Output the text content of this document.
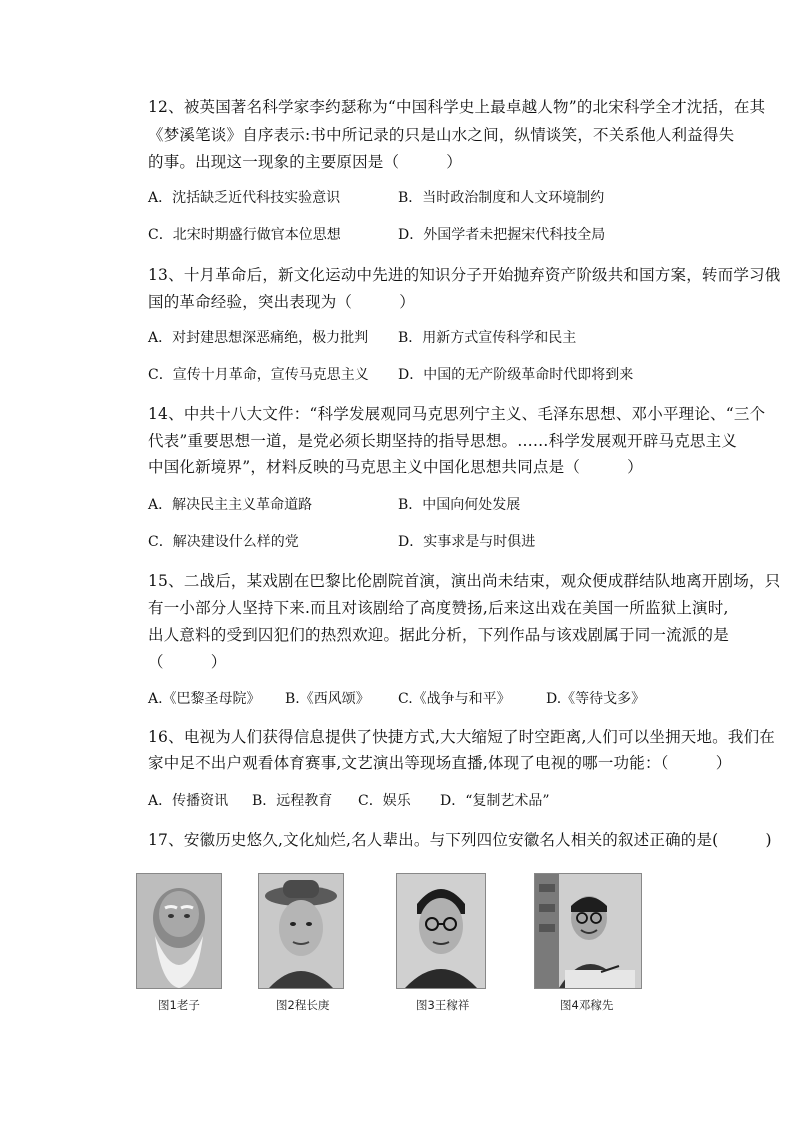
12、被英国著名科学家李约瑟称为“中国科学史上最卓越人物”的北宋科学全才沈括，在其
《梦溪笔谈》自序表示:书中所记录的只是山水之间，纵情谈笑，不关系他人利益得失
的事。出现这一现象的主要原因是（　　　）
A．沈括缺乏近代科技实验意识	B．当时政治制度和人文环境制约
C．北宋时期盛行做官本位思想	D．外国学者未把握宋代科技全局
13、十月革命后，新文化运动中先进的知识分子开始抛弃资产阶级共和国方案，转而学习俄
国的革命经验，突出表现为（　　　）
A．对封建思想深恶痛绝，极力批判 B．用新方式宣传科学和民主
C．宣传十月革命，宣传马克思主义 D．中国的无产阶级革命时代即将到来
14、中共十八大文件：“科学发展观同马克思列宁主义、毛泽东思想、邓小平理论、“三个
代表”重要思想一道，是党必须长期坚持的指导思想。……科学发展观开辟马克思主义
中国化新境界”，材料反映的马克思主义中国化思想共同点是（　　　）
A．解决民主主义革命道路	B．中国向何处发展
C．解决建设什么样的党	D．实事求是与时俱进
15、二战后，某戏剧在巴黎比伦剧院首演，演出尚未结束，观众便成群结队地离开剧场，只
有一小部分人坚持下来.而且对该剧给了高度赞扬,后来这出戏在美国一所监狱上演时,
出人意料的受到囚犯们的热烈欢迎。据此分析，下列作品与该戏剧属于同一流派的是
（　　　）
A.《巴黎圣母院》 B.《西风颂》 C.《战争与和平》	D.《等待戈多》
16、电视为人们获得信息提供了快捷方式,大大缩短了时空距离,人们可以坐拥天地。我们在
家中足不出户观看体育赛事,文艺演出等现场直播,体现了电视的哪一功能：（　　　）
A．传播资讯 B．远程教育 C．娱乐 D．“复制艺术品”
17、安徽历史悠久,文化灿烂,名人辈出。与下列四位安徽名人相关的叙述正确的是(　　　)
图1老子	图2程长庚	图3王稼祥	图4邓稼先
